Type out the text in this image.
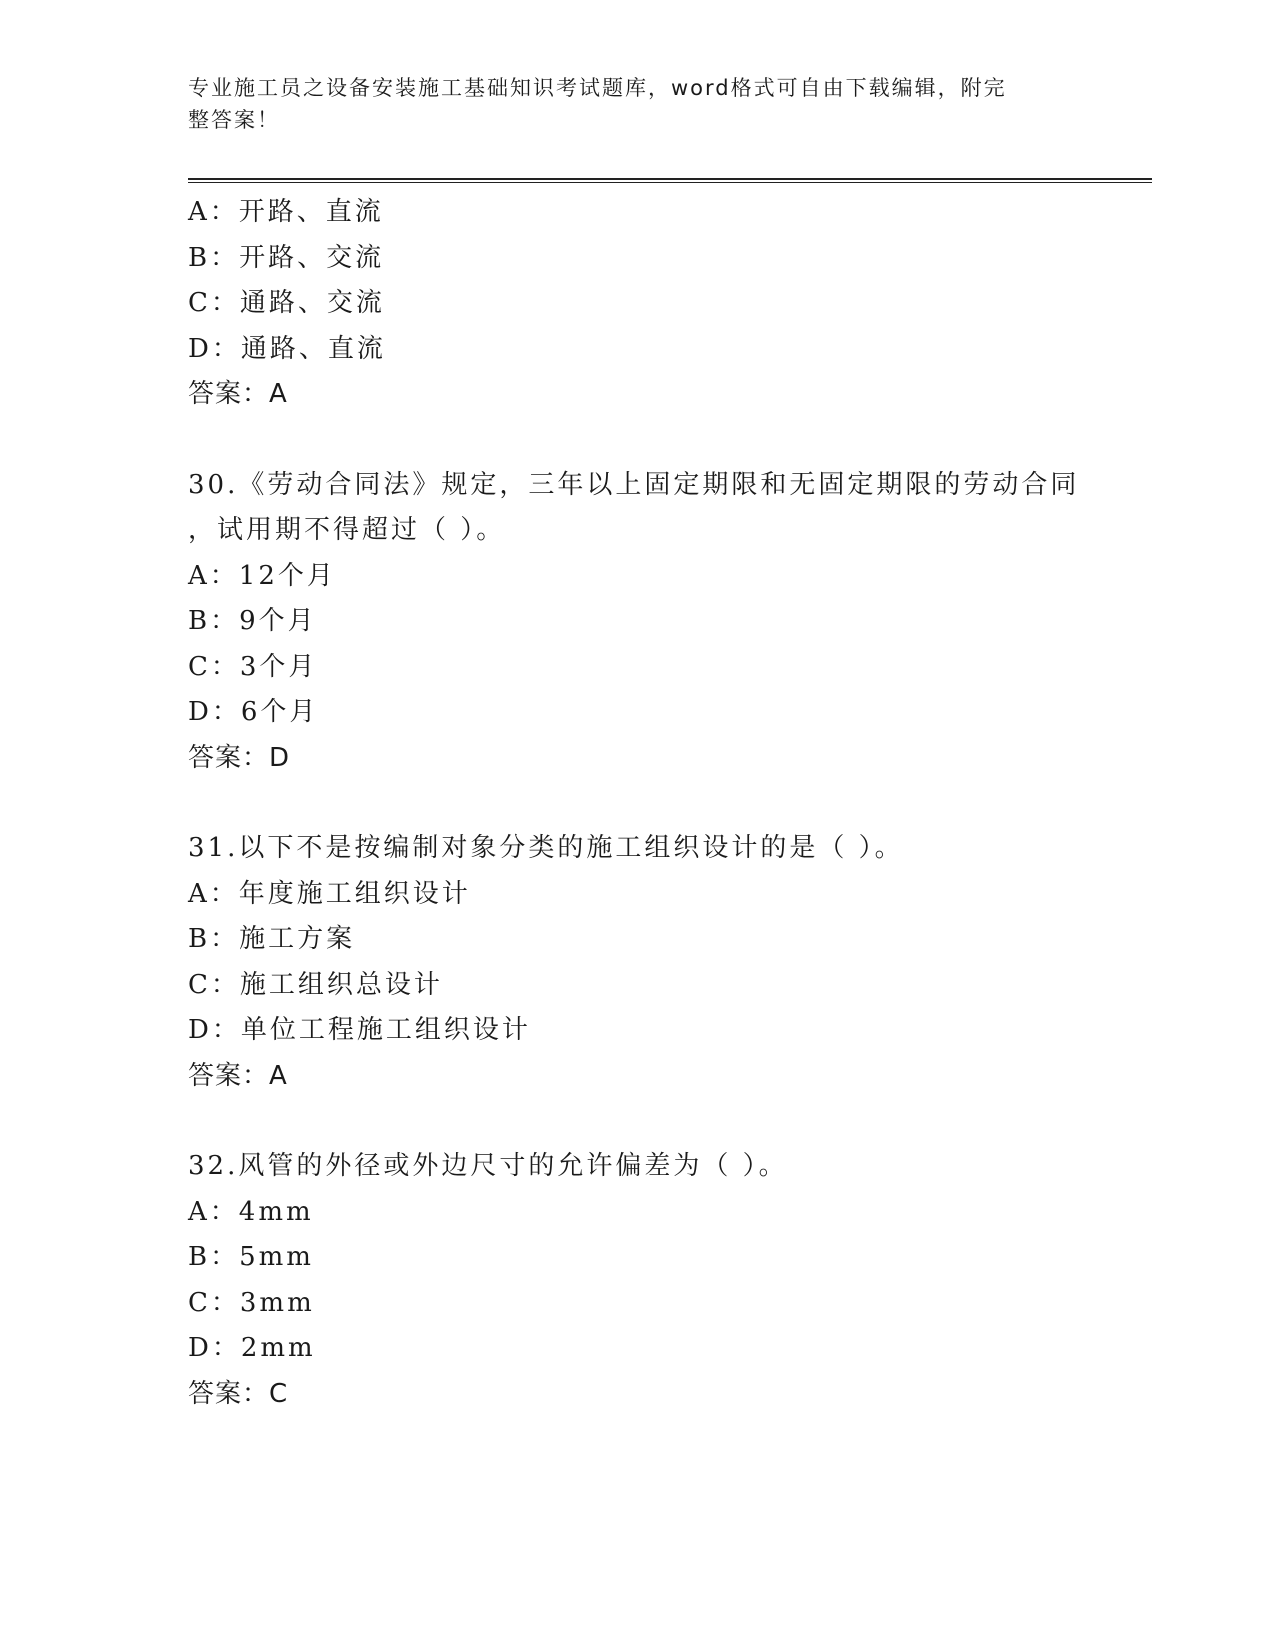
专业施工员之设备安装施工基础知识考试题库，word格式可自由下载编辑，附完
整答案！
A：开路、直流
B：开路、交流
C：通路、交流
D：通路、直流
答案：A
30.《劳动合同法》规定，三年以上固定期限和无固定期限的劳动合同
，试用期不得超过（ ）。
A：12个月
B：9个月
C：3个月
D：6个月
答案：D
31.以下不是按编制对象分类的施工组织设计的是（ ）。
A：年度施工组织设计
B：施工方案
C：施工组织总设计
D：单位工程施工组织设计
答案：A
32.风管的外径或外边尺寸的允许偏差为（ ）。
A：4mm
B：5mm
C：3mm
D：2mm
答案：C
